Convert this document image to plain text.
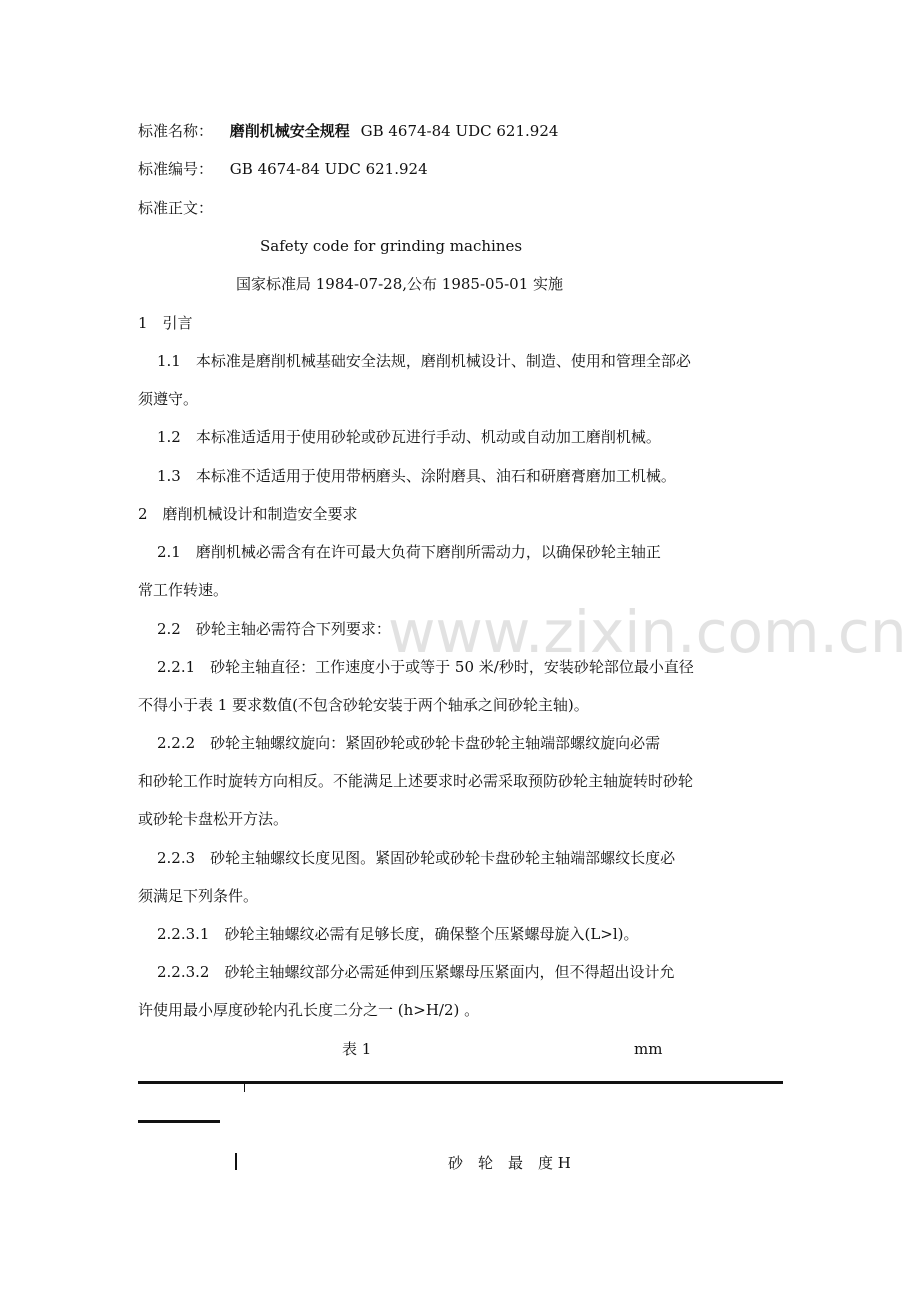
www.zixin.com.cn
标准名称： 磨削机械安全规程 GB 4674-84 UDC 621.924
标准编号： GB 4674-84 UDC 621.924
标准正文：
Safety code for grinding machines
国家标准局 1984-07-28,公布 1985-05-01 实施
1　引言
1.1　本标准是磨削机械基础安全法规，磨削机械设计、制造、使用和管理全部必
须遵守。
1.2　本标准适适用于使用砂轮或砂瓦进行手动、机动或自动加工磨削机械。
1.3　本标准不适适用于使用带柄磨头、涂附磨具、油石和研磨膏磨加工机械。
2　磨削机械设计和制造安全要求
2.1　磨削机械必需含有在许可最大负荷下磨削所需动力，以确保砂轮主轴正
常工作转速。
2.2　砂轮主轴必需符合下列要求：
2.2.1　砂轮主轴直径：工作速度小于或等于 50 米/秒时，安装砂轮部位最小直径
不得小于表 1 要求数值(不包含砂轮安装于两个轴承之间砂轮主轴)。
2.2.2　砂轮主轴螺纹旋向：紧固砂轮或砂轮卡盘砂轮主轴端部螺纹旋向必需
和砂轮工作时旋转方向相反。不能满足上述要求时必需采取预防砂轮主轴旋转时砂轮
或砂轮卡盘松开方法。
2.2.3　砂轮主轴螺纹长度见图。紧固砂轮或砂轮卡盘砂轮主轴端部螺纹长度必
须满足下列条件。
2.2.3.1　砂轮主轴螺纹必需有足够长度，确保整个压紧螺母旋入(L>l)。
2.2.3.2　砂轮主轴螺纹部分必需延伸到压紧螺母压紧面内，但不得超出设计允
许使用最小厚度砂轮内孔长度二分之一 (h>H/2) 。
表 1	mm
砂　轮　最　度 H
